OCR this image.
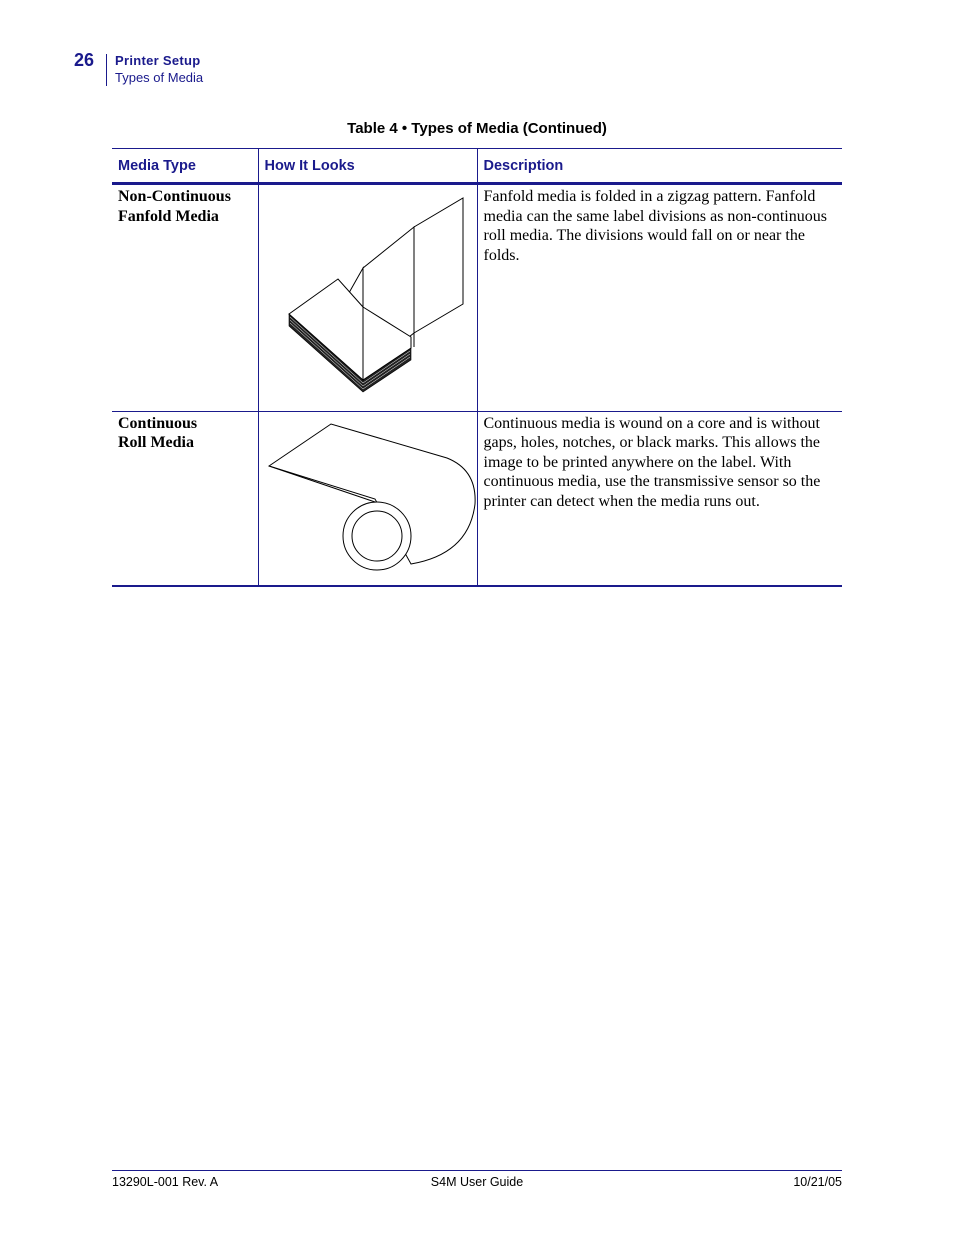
26 Printer Setup
Types of Media
Table 4 • Types of Media (Continued)
Media Type	How It Looks	Description

Non-Continuous
Fanfold Media		Fanfold media is folded in a zigzag pattern. Fanfold media can the same label divisions as non-continuous roll media. The divisions would fall on or near the folds.

Continuous
Roll Media		Continuous media is wound on a core and is without gaps, holes, notches, or black marks. This allows the image to be printed anywhere on the label. With continuous media, use the transmissive sensor so the printer can detect when the media runs out.
13290L-001 Rev. A	S4M User Guide	10/21/05
